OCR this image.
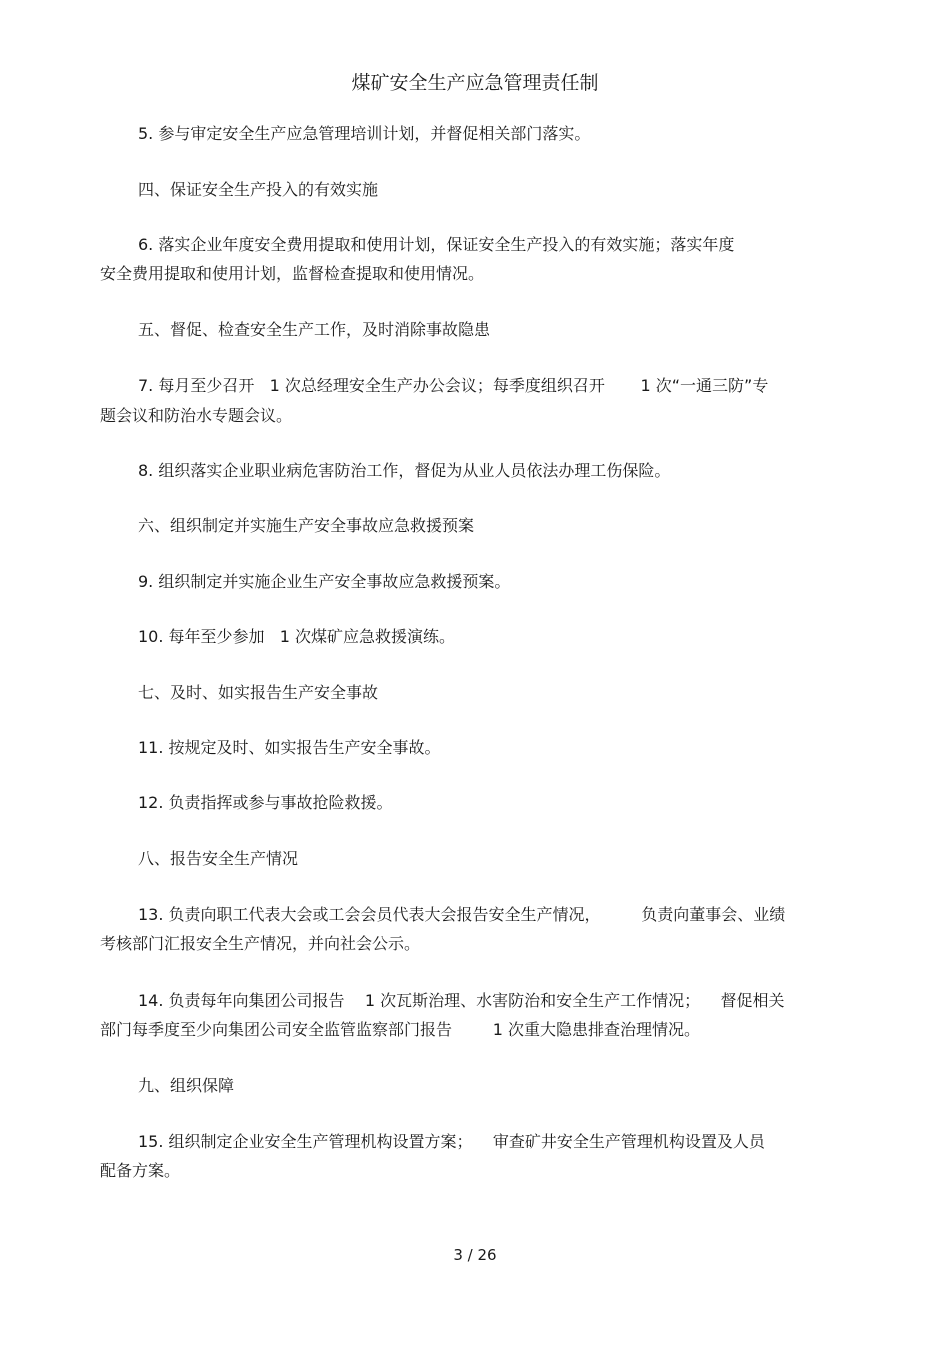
煤矿安全生产应急管理责任制
5. 参与审定安全生产应急管理培训计划，并督促相关部门落实。
四、保证安全生产投入的有效实施
6. 落实企业年度安全费用提取和使用计划，保证安全生产投入的有效实施；落实年度
安全费用提取和使用计划，监督检查提取和使用情况。
五、督促、检查安全生产工作，及时消除事故隐患
7. 每月至少召开   1 次总经理安全生产办公会议；每季度组织召开       1 次“一通三防”专
题会议和防治水专题会议。
8. 组织落实企业职业病危害防治工作，督促为从业人员依法办理工伤保险。
六、组织制定并实施生产安全事故应急救援预案
9. 组织制定并实施企业生产安全事故应急救援预案。
10. 每年至少参加   1 次煤矿应急救援演练。
七、及时、如实报告生产安全事故
11. 按规定及时、如实报告生产安全事故。
12. 负责指挥或参与事故抢险救援。
八、报告安全生产情况
13. 负责向职工代表大会或工会会员代表大会报告安全生产情况，        负责向董事会、业绩
考核部门汇报安全生产情况，并向社会公示。
14. 负责每年向集团公司报告    1 次瓦斯治理、水害防治和安全生产工作情况；    督促相关
部门每季度至少向集团公司安全监管监察部门报告        1 次重大隐患排查治理情况。
九、组织保障
15. 组织制定企业安全生产管理机构设置方案；    审查矿井安全生产管理机构设置及人员
配备方案。
3 / 26
